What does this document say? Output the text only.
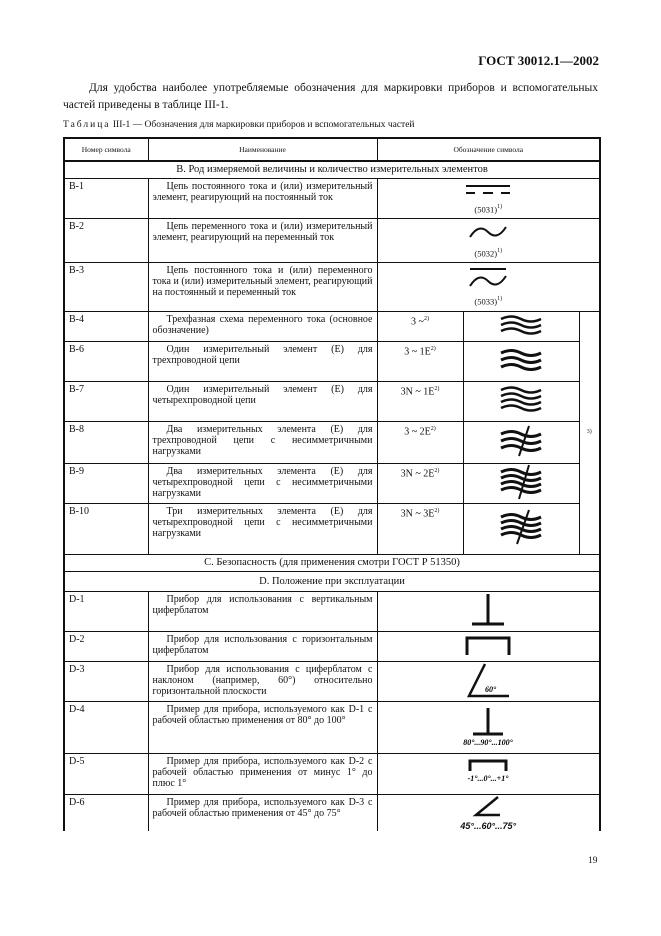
ГОСТ 30012.1—2002
Для удобства наиболее употребляемые обозначения для маркировки приборов и вспомогательных частей приведены в таблице III-1.
Таблица III-1 — Обозначения для маркировки приборов и вспомогательных частей
Номер символа	Наименование	Обозначение символа		
B. Род измеряемой величины и количество измерительных элементов				
B-1	Цепь постоянного тока и (или) измерительный элемент, реагирующий на постоянный ток	$(5031)^{1)}$
B-2	Цепь переменного тока и (или) измерительный элемент, реагирующий на переменный ток	$(5032)^{1)}$
B-3	Цепь постоянного тока и (или) переменного тока и (или) измерительный элемент, реагирующий на постоянный и переменный ток	$(5033)^{1)}$
B-4	Трехфазная схема переменного тока (основное обозначение)	3 ~$^{2)}$		3)
B-6	Один измерительный элемент (E) для трехпроводной цепи	3 ~ $1E^{2)}$	
B-7	Один измерительный элемент (E) для четырехпроводной цепи	3N ~ $1E^{2)}$	
B-8	Два измерительных элемента (E) для трехпроводной цепи с несимметричными нагрузками	3 ~ $2E^{2)}$	
B-9	Два измерительных элемента (E) для четырехпроводной цепи с несимметричными нагрузками	3N ~ $2E^{2)}$	
B-10	Три измерительных элемента (E) для четырехпроводной цепи с несимметричными нагрузками	3N ~ $3E^{2)}$	
C. Безопасность (для применения смотри ГОСТ Р 51350)				
D. Положение при эксплуатации				
D-1	Прибор для использования с вертикальным циферблатом	
D-2	Прибор для использования с горизонтальным циферблатом	
D-3	Прибор для использования с циферблатом с наклоном (например, 60°) относительно горизонтальной плоскости	60°		

D-4	Пример для прибора, используемого как D-1 с рабочей областью применения от 80° до 100°	80°...90°...100°		

D-5	Пример для прибора, используемого как D-2 с рабочей областью применения от минус 1° до плюс 1°	-1°...0°...+1°		

D-6	Пример для прибора, используемого как D-3 с рабочей областью применения от 45° до 75°	45°...60°...75°		
19
